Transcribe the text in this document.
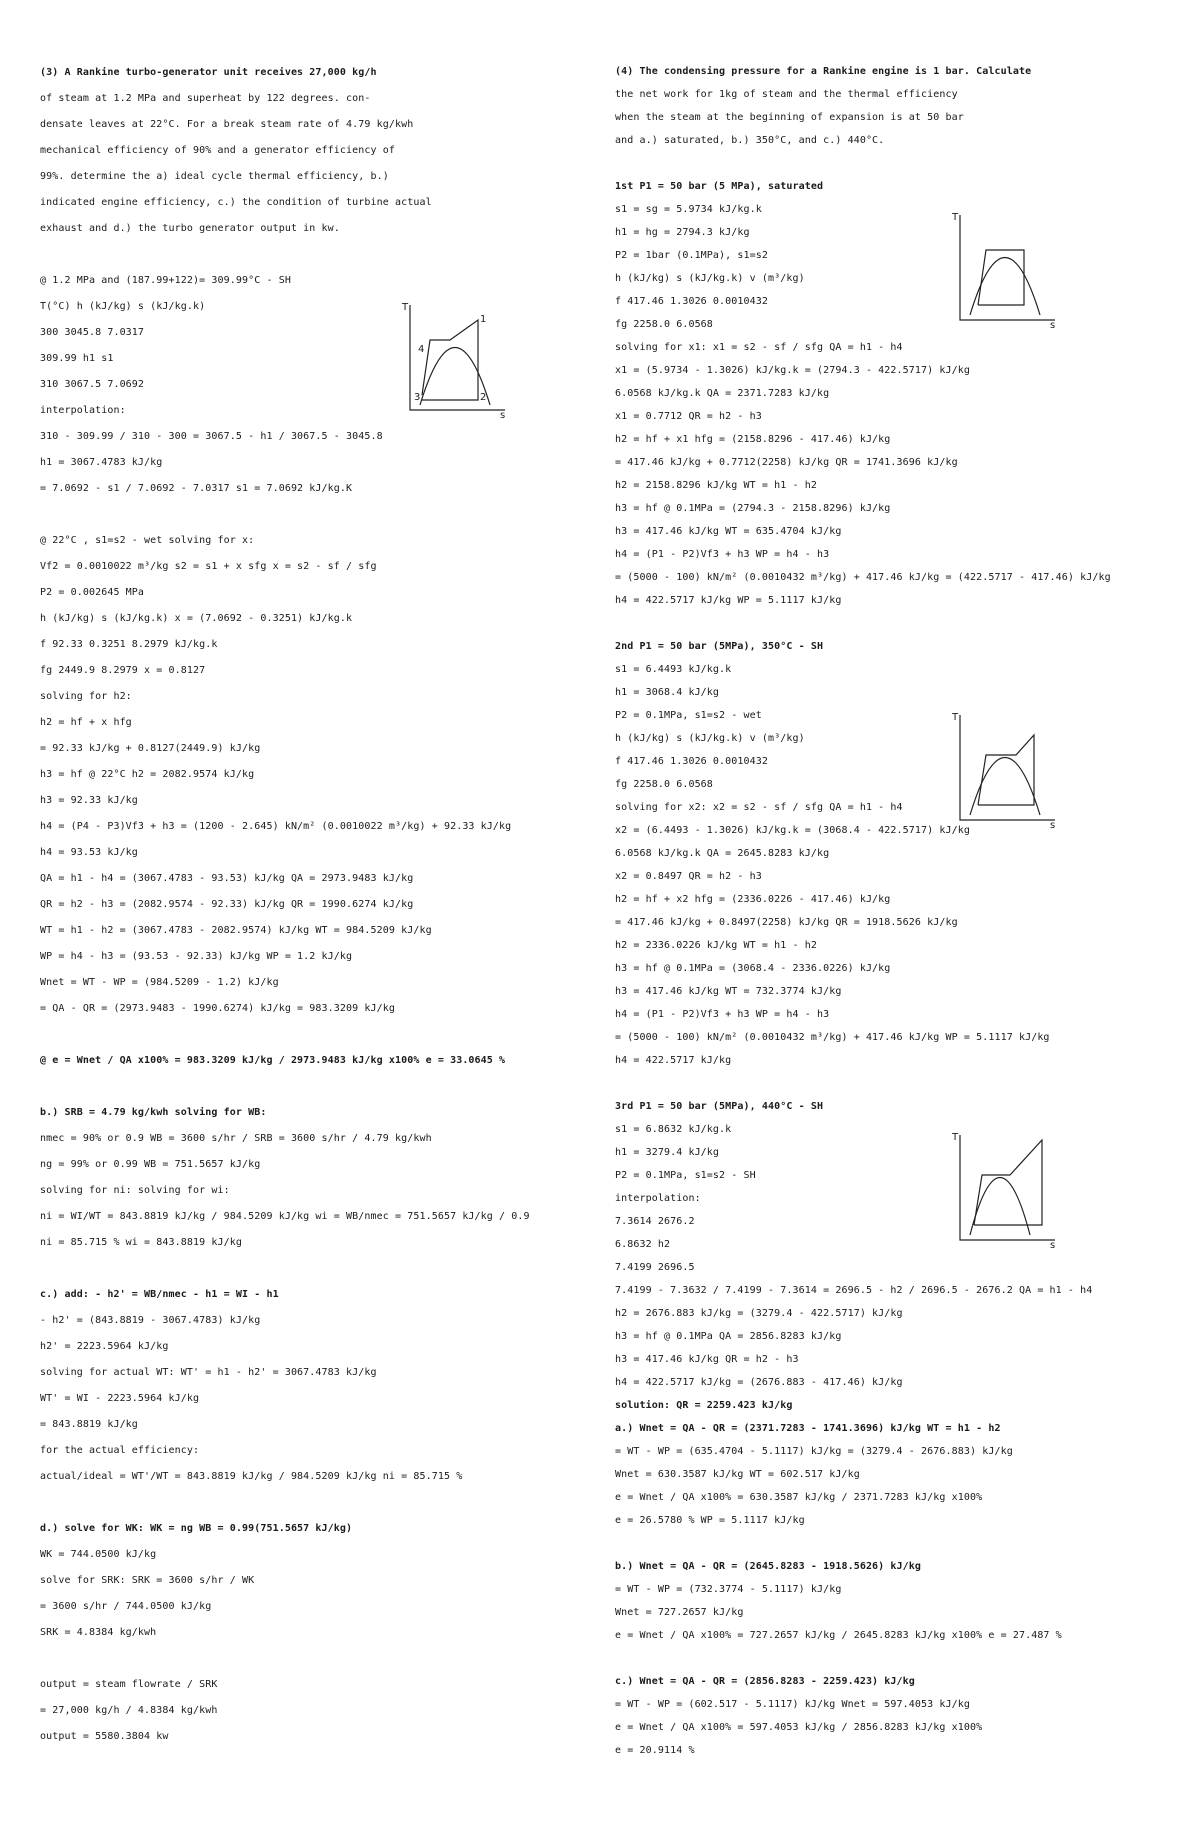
(3) A Rankine turbo-generator unit receives 27,000 kg/h
of steam at 1.2 MPa and superheat by 122 degrees. con-
densate leaves at 22°C. For a break steam rate of 4.79 kg/kwh
mechanical efficiency of 90% and a generator efficiency of
99%. determine the a) ideal cycle thermal efficiency, b.)
indicated engine efficiency, c.) the condition of turbine actual
exhaust and d.) the turbo generator output in kw.
@ 1.2 MPa and (187.99+122)= 309.99°C - SH
T(°C) h (kJ/kg) s (kJ/kg.k)
300 3045.8 7.0317
309.99 h1 s1
310 3067.5 7.0692
interpolation:
310 - 309.99 / 310 - 300 = 3067.5 - h1 / 3067.5 - 3045.8
h1 = 3067.4783 kJ/kg
= 7.0692 - s1 / 7.0692 - 7.0317 s1 = 7.0692 kJ/kg.K
@ 22°C , s1=s2 - wet solving for x:
Vf2 = 0.0010022 m³/kg s2 = s1 + x sfg x = s2 - sf / sfg
P2 = 0.002645 MPa
h (kJ/kg) s (kJ/kg.k) x = (7.0692 - 0.3251) kJ/kg.k
f 92.33 0.3251 8.2979 kJ/kg.k
fg 2449.9 8.2979 x = 0.8127
solving for h2:
h2 = hf + x hfg
= 92.33 kJ/kg + 0.8127(2449.9) kJ/kg
h3 = hf @ 22°C h2 = 2082.9574 kJ/kg
h3 = 92.33 kJ/kg
h4 = (P4 - P3)Vf3 + h3 = (1200 - 2.645) kN/m² (0.0010022 m³/kg) + 92.33 kJ/kg
h4 = 93.53 kJ/kg
QA = h1 - h4 = (3067.4783 - 93.53) kJ/kg QA = 2973.9483 kJ/kg
QR = h2 - h3 = (2082.9574 - 92.33) kJ/kg QR = 1990.6274 kJ/kg
WT = h1 - h2 = (3067.4783 - 2082.9574) kJ/kg WT = 984.5209 kJ/kg
WP = h4 - h3 = (93.53 - 92.33) kJ/kg WP = 1.2 kJ/kg
Wnet = WT - WP = (984.5209 - 1.2) kJ/kg
= QA - QR = (2973.9483 - 1990.6274) kJ/kg = 983.3209 kJ/kg
@ e = Wnet / QA x100% = 983.3209 kJ/kg / 2973.9483 kJ/kg x100% e = 33.0645 %
b.) SRB = 4.79 kg/kwh solving for WB:
nmec = 90% or 0.9 WB = 3600 s/hr / SRB = 3600 s/hr / 4.79 kg/kwh
ng = 99% or 0.99 WB = 751.5657 kJ/kg
solving for ni: solving for wi:
ni = WI/WT = 843.8819 kJ/kg / 984.5209 kJ/kg wi = WB/nmec = 751.5657 kJ/kg / 0.9
ni = 85.715 % wi = 843.8819 kJ/kg
c.) add: - h2' = WB/nmec - h1 = WI - h1
- h2' = (843.8819 - 3067.4783) kJ/kg
h2' = 2223.5964 kJ/kg
solving for actual WT: WT' = h1 - h2' = 3067.4783 kJ/kg
WT' = WI - 2223.5964 kJ/kg
= 843.8819 kJ/kg
for the actual efficiency:
actual/ideal = WT'/WT = 843.8819 kJ/kg / 984.5209 kJ/kg ni = 85.715 %
d.) solve for WK: WK = ng WB = 0.99(751.5657 kJ/kg)
WK = 744.0500 kJ/kg
solve for SRK: SRK = 3600 s/hr / WK
= 3600 s/hr / 744.0500 kJ/kg
SRK = 4.8384 kg/kwh
output = steam flowrate / SRK
= 27,000 kg/h / 4.8384 kg/kwh
output = 5580.3804 kw
(4) The condensing pressure for a Rankine engine is 1 bar. Calculate
the net work for 1kg of steam and the thermal efficiency
when the steam at the beginning of expansion is at 50 bar
and a.) saturated, b.) 350°C, and c.) 440°C.
1st P1 = 50 bar (5 MPa), saturated
s1 = sg = 5.9734 kJ/kg.k
h1 = hg = 2794.3 kJ/kg
P2 = 1bar (0.1MPa), s1=s2
h (kJ/kg) s (kJ/kg.k) v (m³/kg)
f 417.46 1.3026 0.0010432
fg 2258.0 6.0568
solving for x1: x1 = s2 - sf / sfg QA = h1 - h4
x1 = (5.9734 - 1.3026) kJ/kg.k = (2794.3 - 422.5717) kJ/kg
6.0568 kJ/kg.k QA = 2371.7283 kJ/kg
x1 = 0.7712 QR = h2 - h3
h2 = hf + x1 hfg = (2158.8296 - 417.46) kJ/kg
= 417.46 kJ/kg + 0.7712(2258) kJ/kg QR = 1741.3696 kJ/kg
h2 = 2158.8296 kJ/kg WT = h1 - h2
h3 = hf @ 0.1MPa = (2794.3 - 2158.8296) kJ/kg
h3 = 417.46 kJ/kg WT = 635.4704 kJ/kg
h4 = (P1 - P2)Vf3 + h3 WP = h4 - h3
= (5000 - 100) kN/m² (0.0010432 m³/kg) + 417.46 kJ/kg = (422.5717 - 417.46) kJ/kg
h4 = 422.5717 kJ/kg WP = 5.1117 kJ/kg
2nd P1 = 50 bar (5MPa), 350°C - SH
s1 = 6.4493 kJ/kg.k
h1 = 3068.4 kJ/kg
P2 = 0.1MPa, s1=s2 - wet
h (kJ/kg) s (kJ/kg.k) v (m³/kg)
f 417.46 1.3026 0.0010432
fg 2258.0 6.0568
solving for x2: x2 = s2 - sf / sfg QA = h1 - h4
x2 = (6.4493 - 1.3026) kJ/kg.k = (3068.4 - 422.5717) kJ/kg
6.0568 kJ/kg.k QA = 2645.8283 kJ/kg
x2 = 0.8497 QR = h2 - h3
h2 = hf + x2 hfg = (2336.0226 - 417.46) kJ/kg
= 417.46 kJ/kg + 0.8497(2258) kJ/kg QR = 1918.5626 kJ/kg
h2 = 2336.0226 kJ/kg WT = h1 - h2
h3 = hf @ 0.1MPa = (3068.4 - 2336.0226) kJ/kg
h3 = 417.46 kJ/kg WT = 732.3774 kJ/kg
h4 = (P1 - P2)Vf3 + h3 WP = h4 - h3
= (5000 - 100) kN/m² (0.0010432 m³/kg) + 417.46 kJ/kg WP = 5.1117 kJ/kg
h4 = 422.5717 kJ/kg
3rd P1 = 50 bar (5MPa), 440°C - SH
s1 = 6.8632 kJ/kg.k
h1 = 3279.4 kJ/kg
P2 = 0.1MPa, s1=s2 - SH
interpolation:
7.3614 2676.2
6.8632 h2
7.4199 2696.5
7.4199 - 7.3632 / 7.4199 - 7.3614 = 2696.5 - h2 / 2696.5 - 2676.2 QA = h1 - h4
h2 = 2676.883 kJ/kg = (3279.4 - 422.5717) kJ/kg
h3 = hf @ 0.1MPa QA = 2856.8283 kJ/kg
h3 = 417.46 kJ/kg QR = h2 - h3
h4 = 422.5717 kJ/kg = (2676.883 - 417.46) kJ/kg
solution: QR = 2259.423 kJ/kg
a.) Wnet = QA - QR = (2371.7283 - 1741.3696) kJ/kg WT = h1 - h2
= WT - WP = (635.4704 - 5.1117) kJ/kg = (3279.4 - 2676.883) kJ/kg
Wnet = 630.3587 kJ/kg WT = 602.517 kJ/kg
e = Wnet / QA x100% = 630.3587 kJ/kg / 2371.7283 kJ/kg x100%
e = 26.5780 % WP = 5.1117 kJ/kg
b.) Wnet = QA - QR = (2645.8283 - 1918.5626) kJ/kg
= WT - WP = (732.3774 - 5.1117) kJ/kg
Wnet = 727.2657 kJ/kg
e = Wnet / QA x100% = 727.2657 kJ/kg / 2645.8283 kJ/kg x100% e = 27.487 %
c.) Wnet = QA - QR = (2856.8283 - 2259.423) kJ/kg
= WT - WP = (602.517 - 5.1117) kJ/kg Wnet = 597.4053 kJ/kg
e = Wnet / QA x100% = 597.4053 kJ/kg / 2856.8283 kJ/kg x100%
e = 20.9114 %
T
s
1
2
3
4
T
s
T
s
T
s
